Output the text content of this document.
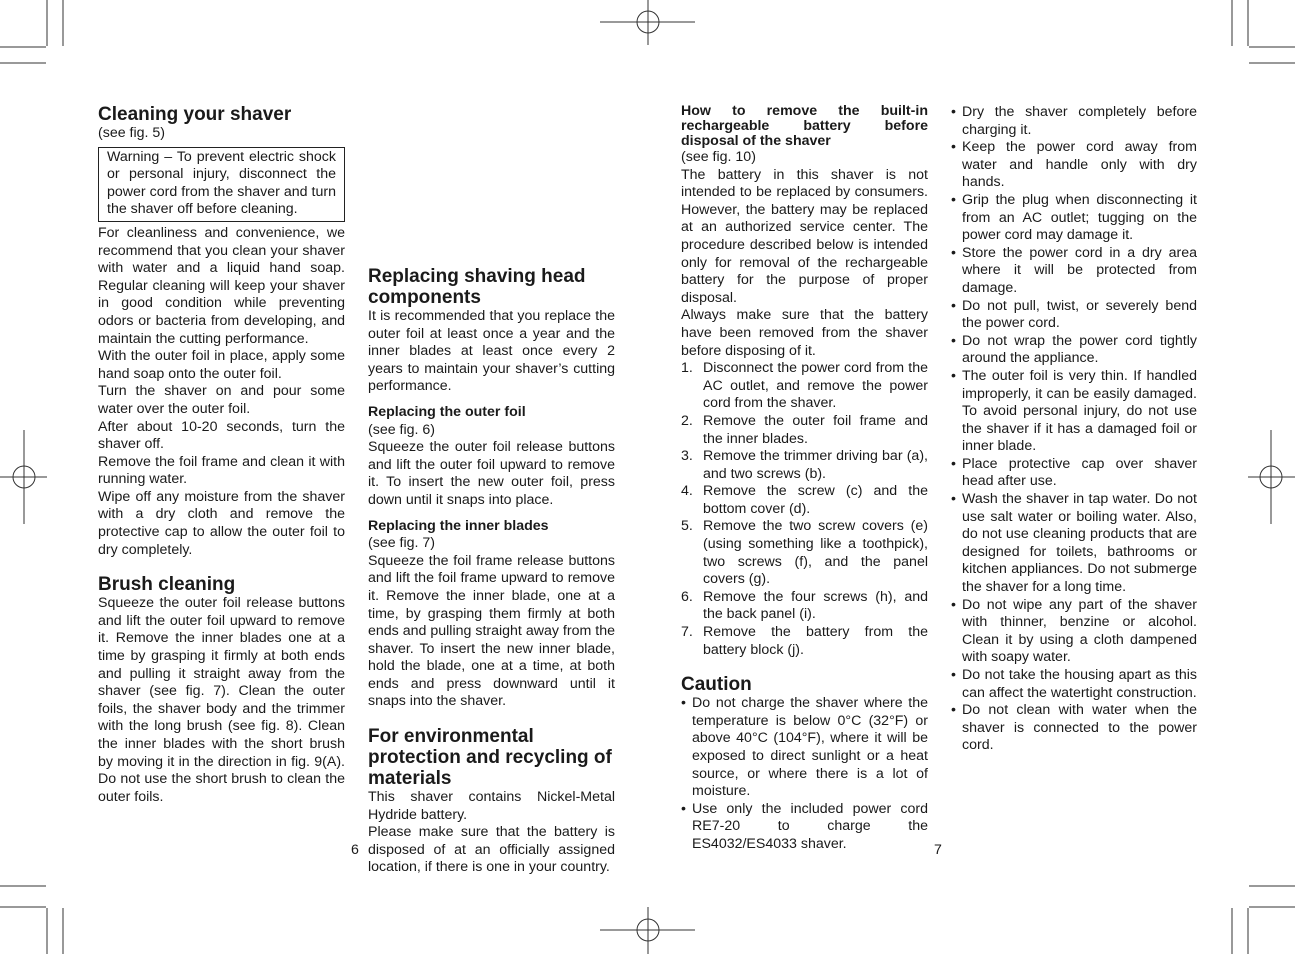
Cleaning your shaver

(see fig. 5)

Warning – To prevent electric shock or personal injury, disconnect the power cord from the shaver and turn the shaver off before cleaning.

For cleanliness and convenience, we recommend that you clean your shaver with water and a liquid hand soap. Regular cleaning will keep your shaver in good condition while preventing odors or bacteria from developing, and maintain the cutting performance.

With the outer foil in place, apply some hand soap onto the outer foil.

Turn the shaver on and pour some water over the outer foil.

After about 10-20 seconds, turn the shaver off.

Remove the foil frame and clean it with running water.

Wipe off any moisture from the shaver with a dry cloth and remove the protective cap to allow the outer foil to dry completely.

Brush cleaning

Squeeze the outer foil release buttons and lift the outer foil upward to remove it. Remove the inner blades one at a time by grasping it firmly at both ends and pulling it straight away from the shaver (see fig. 7). Clean the outer foils, the shaver body and the trimmer with the long brush (see fig. 8). Clean the inner blades with the short brush by moving it in the direction in fig. 9(A). Do not use the short brush to clean the outer foils.

Replacing shaving head components

It is recommended that you replace the outer foil at least once a year and the inner blades at least once every 2 years to maintain your shaver’s cutting performance.

Replacing the outer foil

(see fig. 6)

Squeeze the outer foil release buttons and lift the outer foil upward to remove it. To insert the new outer foil, press down until it snaps into place.

Replacing the inner blades

(see fig. 7)

Squeeze the foil frame release buttons and lift the foil frame upward to remove it. Remove the inner blade, one at a time, by grasping them firmly at both ends and pulling straight away from the shaver. To insert the new inner blade, hold the blade, one at a time, at both ends and press downward until it snaps into the shaver.

For environmental protection and recycling of materials

This shaver contains Nickel-Metal Hydride battery.

Please make sure that the battery is disposed of at an officially assigned location, if there is one in your country.

How to remove the built-in rechargeable battery before disposal of the shaver

(see fig. 10)

The battery in this shaver is not intended to be replaced by consumers. However, the battery may be replaced at an authorized service center. The procedure described below is intended only for removal of the rechargeable battery for the purpose of proper disposal.

Always make sure that the battery have been removed from the shaver before disposing of it.

1. Disconnect the power cord from the AC outlet, and remove the power cord from the shaver.
2. Remove the outer foil frame and the inner blades.
3. Remove the trimmer driving bar (a), and two screws (b).
4. Remove the screw (c) and the bottom cover (d).
5. Remove the two screw covers (e) (using something like a toothpick), two screws (f), and the panel covers (g).
6. Remove the four screws (h), and the back panel (i).
7. Remove the battery from the battery block (j).
Caution
• Do not charge the shaver where the temperature is below 0°C (32°F) or above 40°C (104°F), where it will be exposed to direct sunlight or a heat source, or where there is a lot of moisture.
• Use only the included power cord RE7-20 to charge the ES4032/ES4033 shaver.
• Dry the shaver completely before charging it.
• Keep the power cord away from water and handle only with dry hands.
• Grip the plug when disconnecting it from an AC outlet; tugging on the power cord may damage it.
• Store the power cord in a dry area where it will be protected from damage.
• Do not pull, twist, or severely bend the power cord.
• Do not wrap the power cord tightly around the appliance.
• The outer foil is very thin. If handled improperly, it can be easily damaged. To avoid personal injury, do not use the shaver if it has a damaged foil or inner blade.
• Place protective cap over shaver head after use.
• Wash the shaver in tap water. Do not use salt water or boiling water. Also, do not use cleaning products that are designed for toilets, bathrooms or kitchen appliances. Do not submerge the shaver for a long time.
• Do not wipe any part of the shaver with thinner, benzine or alcohol. Clean it by using a cloth dampened with soapy water.
• Do not take the housing apart as this can affect the watertight construction.
• Do not clean with water when the shaver is connected to the power cord.
6	7
